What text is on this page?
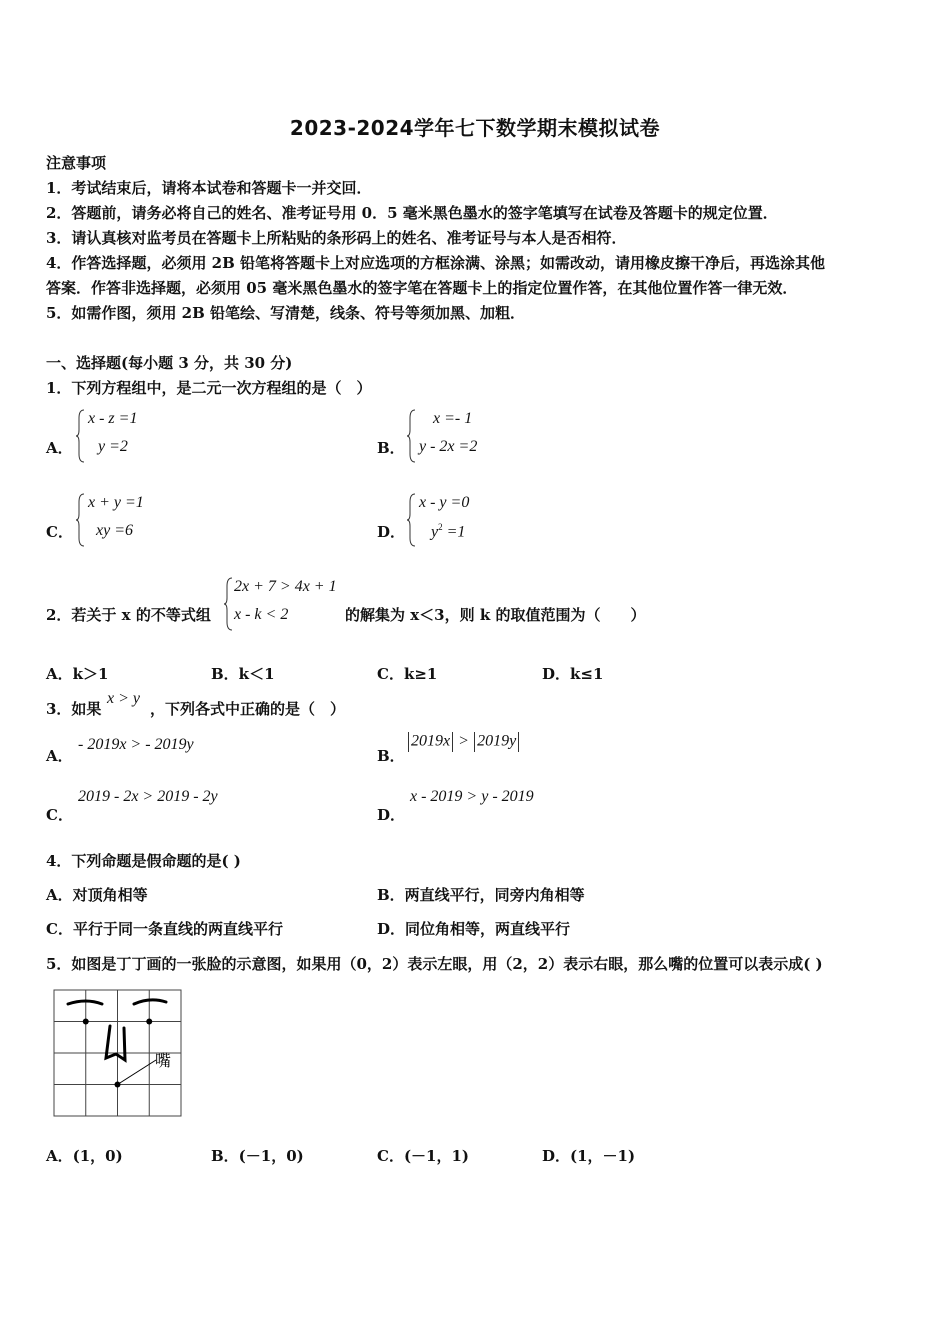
2023-2024学年七下数学期末模拟试卷
注意事项
1．考试结束后，请将本试卷和答题卡一并交回．
2．答题前，请务必将自己的姓名、准考证号用 0．5 毫米黑色墨水的签字笔填写在试卷及答题卡的规定位置．
3．请认真核对监考员在答题卡上所粘贴的条形码上的姓名、准考证号与本人是否相符．
4．作答选择题，必须用 2B 铅笔将答题卡上对应选项的方框涂满、涂黑；如需改动，请用橡皮擦干净后，再选涂其他
答案．作答非选择题，必须用 05 毫米黑色墨水的签字笔在答题卡上的指定位置作答，在其他位置作答一律无效．
5．如需作图，须用 2B 铅笔绘、写清楚，线条、符号等须加黑、加粗．
一、选择题(每小题 3 分，共 30 分)
1．下列方程组中，是二元一次方程组的是（　）
A．
x - z =1
y =2	B．
x =- 1
y - 2x =2
C．
x + y =1
xy =6	D．
x - y =0
$y^2 =1$
2．若关于 x 的不等式组
2x + 7 > 4x + 1
x - k < 2	的解集为 x＜3，则 k 的取值范围为（　　）
A．k＞1	B．k＜1	C．k≥1	D．k≤1
3．如果
x > y
，下列各式中正确的是（　）
A．
- 2019x > - 2019y
B．
2019x > 2019y
C．
2019 - 2x > 2019 - 2y
D．
x - 2019 > y - 2019
4．下列命题是假命题的是( )
A．对顶角相等	B．两直线平行，同旁内角相等
C．平行于同一条直线的两直线平行	D．同位角相等，两直线平行
5．如图是丁丁画的一张脸的示意图，如果用（0，2）表示左眼，用（2，2）表示右眼，那么嘴的位置可以表示成( )
嘴
A．(1，0)	B．(－1，0)	C．(－1，1)	D．(1，－1)
